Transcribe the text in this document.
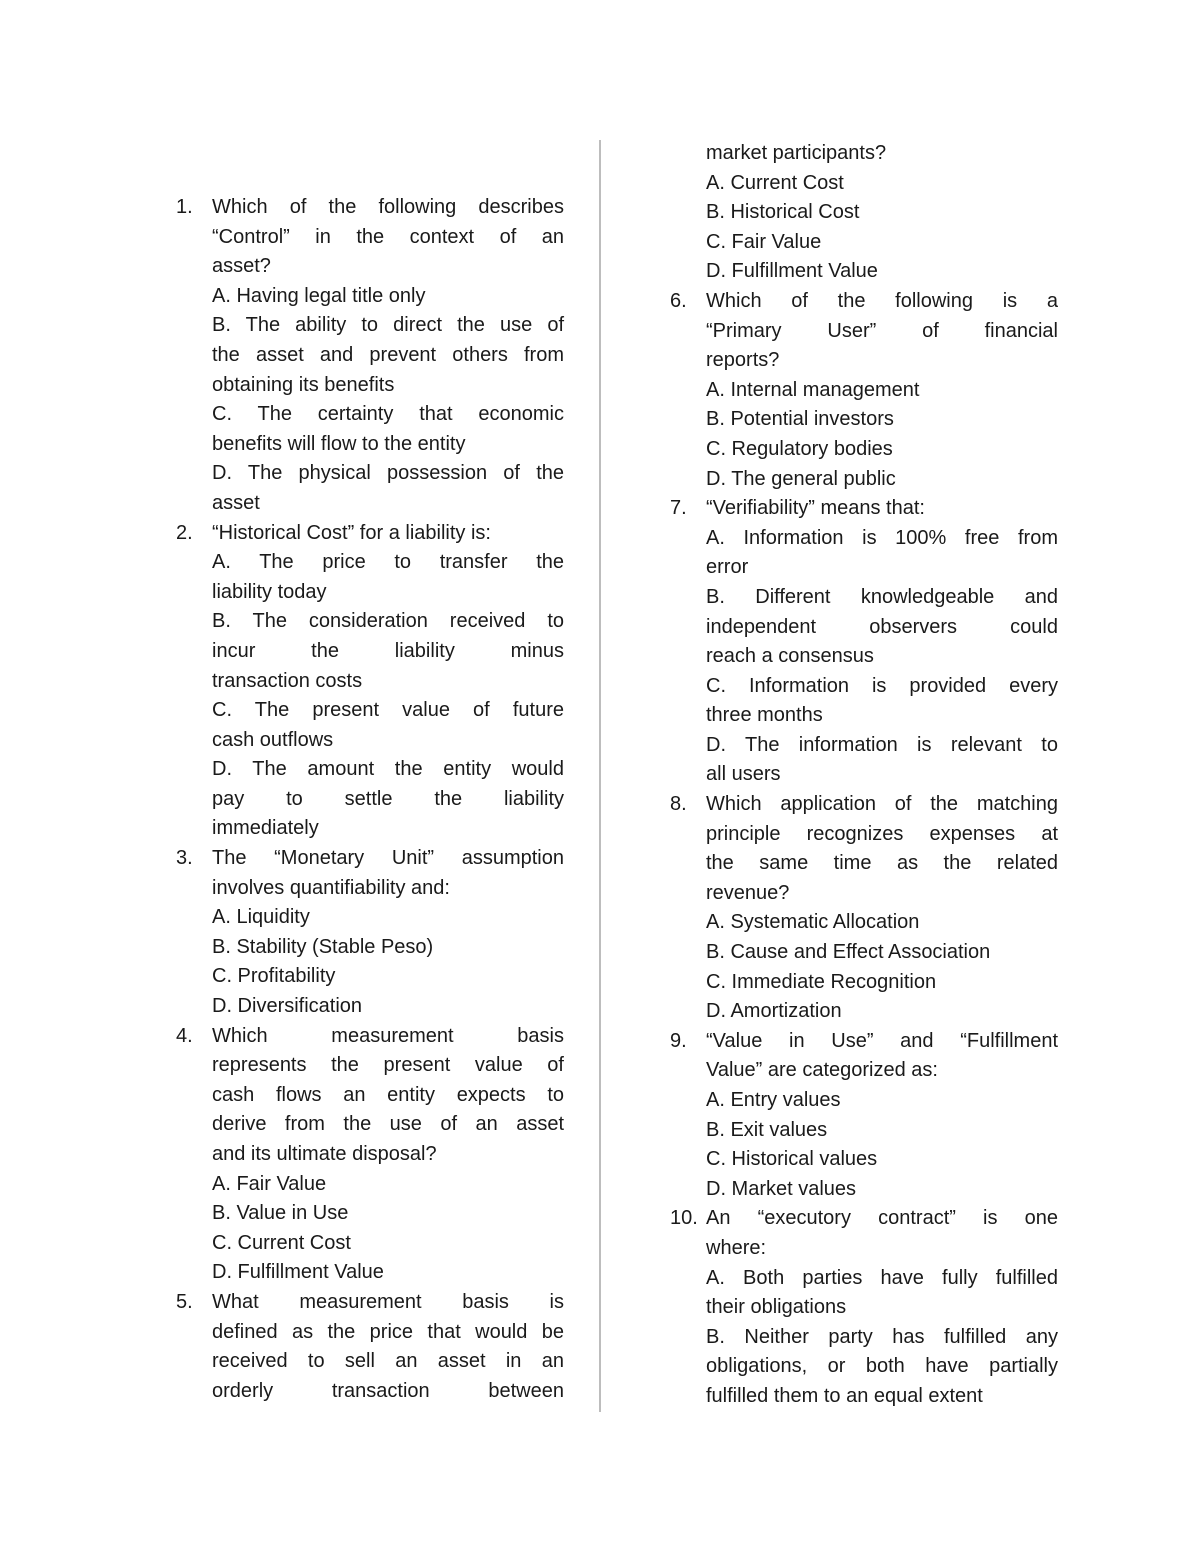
1. Which of the following describes
“Control” in the context of an
asset?
A. Having legal title only
B. The ability to direct the use of
the asset and prevent others from
obtaining its benefits
C. The certainty that economic
benefits will flow to the entity
D. The physical possession of the
asset
2. “Historical Cost” for a liability is:
A. The price to transfer the
liability today
B. The consideration received to
incur the liability minus
transaction costs
C. The present value of future
cash outflows
D. The amount the entity would
pay to settle the liability
immediately
3. The “Monetary Unit” assumption
involves quantifiability and:
A. Liquidity
B. Stability (Stable Peso)
C. Profitability
D. Diversification
4. Which measurement basis
represents the present value of
cash flows an entity expects to
derive from the use of an asset
and its ultimate disposal?
A. Fair Value
B. Value in Use
C. Current Cost
D. Fulfillment Value
5. What measurement basis is
defined as the price that would be
received to sell an asset in an
orderly transaction between
market participants?
A. Current Cost
B. Historical Cost
C. Fair Value
D. Fulfillment Value
6. Which of the following is a
“Primary User” of financial
reports?
A. Internal management
B. Potential investors
C. Regulatory bodies
D. The general public
7. “Verifiability” means that:
A. Information is 100% free from
error
B. Different knowledgeable and
independent observers could
reach a consensus
C. Information is provided every
three months
D. The information is relevant to
all users
8. Which application of the matching
principle recognizes expenses at
the same time as the related
revenue?
A. Systematic Allocation
B. Cause and Effect Association
C. Immediate Recognition
D. Amortization
9. “Value in Use” and “Fulfillment
Value” are categorized as:
A. Entry values
B. Exit values
C. Historical values
D. Market values
10. An “executory contract” is one
where:
A. Both parties have fully fulfilled
their obligations
B. Neither party has fulfilled any
obligations, or both have partially
fulfilled them to an equal extent
